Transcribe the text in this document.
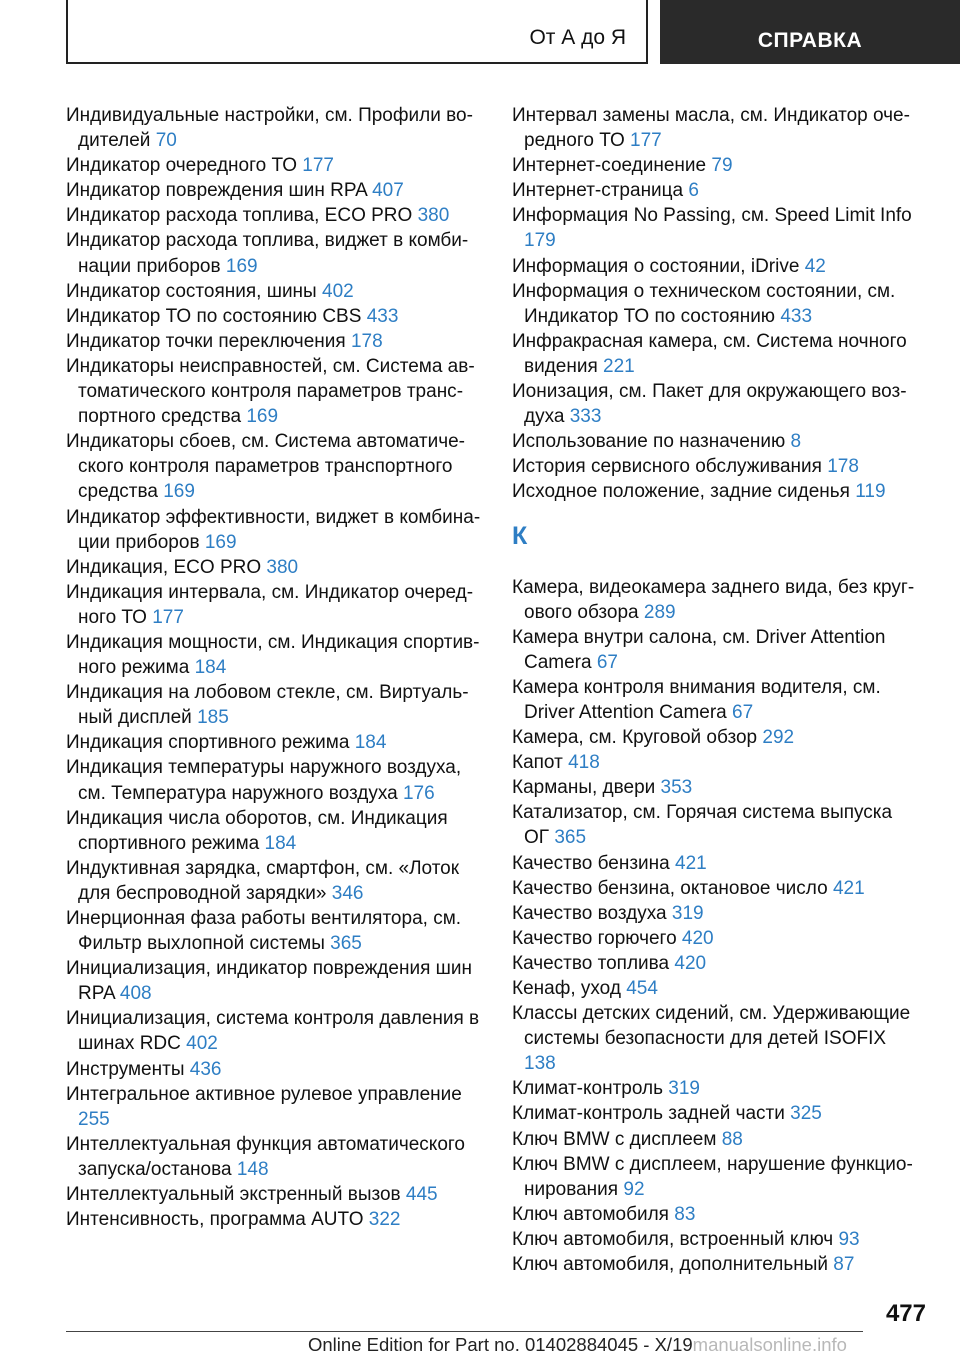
От А до Я	СПРАВКА

Индивидуальные настройки, см. Профили водителей 70

Индикатор очередного ТО 177

Индикатор повреждения шин RPA 407

Индикатор расхода топлива, ECO PRO 380

Индикатор расхода топлива, виджет в комбинации приборов 169

Индикатор состояния, шины 402

Индикатор ТО по состоянию CBS 433

Индикатор точки переключения 178

Индикаторы неисправностей, см. Система автоматического контроля параметров транспортного средства 169

Индикаторы сбоев, см. Система автоматического контроля параметров транспортного средства 169

Индикатор эффективности, виджет в комбинации приборов 169

Индикация, ECO PRO 380

Индикация интервала, см. Индикатор очередного ТО 177

Индикация мощности, см. Индикация спортивного режима 184

Индикация на лобовом стекле, см. Виртуальный дисплей 185

Индикация спортивного режима 184

Индикация температуры наружного воздуха, см. Температура наружного воздуха 176

Индикация числа оборотов, см. Индикация спортивного режима 184

Индуктивная зарядка, смартфон, см. «Лоток для беспроводной зарядки» 346

Инерционная фаза работы вентилятора, см. Фильтр выхлопной системы 365

Инициализация, индикатор повреждения шин RPA 408

Инициализация, система контроля давления в шинах RDC 402

Инструменты 436

Интегральное активное рулевое управление 255

Интеллектуальная функция автоматического запуска/останова 148

Интеллектуальный экстренный вызов 445

Интенсивность, программа AUTO 322

Интервал замены масла, см. Индикатор очередного ТО 177

Интернет-соединение 79

Интернет-страница 6

Информация No Passing, см. Speed Limit Info 179

Информация о состоянии, iDrive 42

Информация о техническом состоянии, см. Индикатор ТО по состоянию 433

Инфракрасная камера, см. Система ночного видения 221

Ионизация, см. Пакет для окружающего воздуха 333

Использование по назначению 8

История сервисного обслуживания 178

Исходное положение, задние сиденья 119

К

Камера, видеокамера заднего вида, без кругового обзора 289

Камера внутри салона, см. Driver Attention Camera 67

Камера контроля внимания водителя, см. Driver Attention Camera 67

Камера, см. Круговой обзор 292

Капот 418

Карманы, двери 353

Катализатор, см. Горячая система выпуска ОГ 365

Качество бензина 421

Качество бензина, октановое число 421

Качество воздуха 319

Качество горючего 420

Качество топлива 420

Кенаф, уход 454

Классы детских сидений, см. Удерживающие системы безопасности для детей ISOFIX 138

Климат-контроль 319

Климат-контроль задней части 325

Ключ BMW с дисплеем 88

Ключ BMW с дисплеем, нарушение функционирования 92

Ключ автомобиля 83

Ключ автомобиля, встроенный ключ 93

Ключ автомобиля, дополнительный 87

477
Online Edition for Part no. 01402884045 - X/19manualsonline.info
